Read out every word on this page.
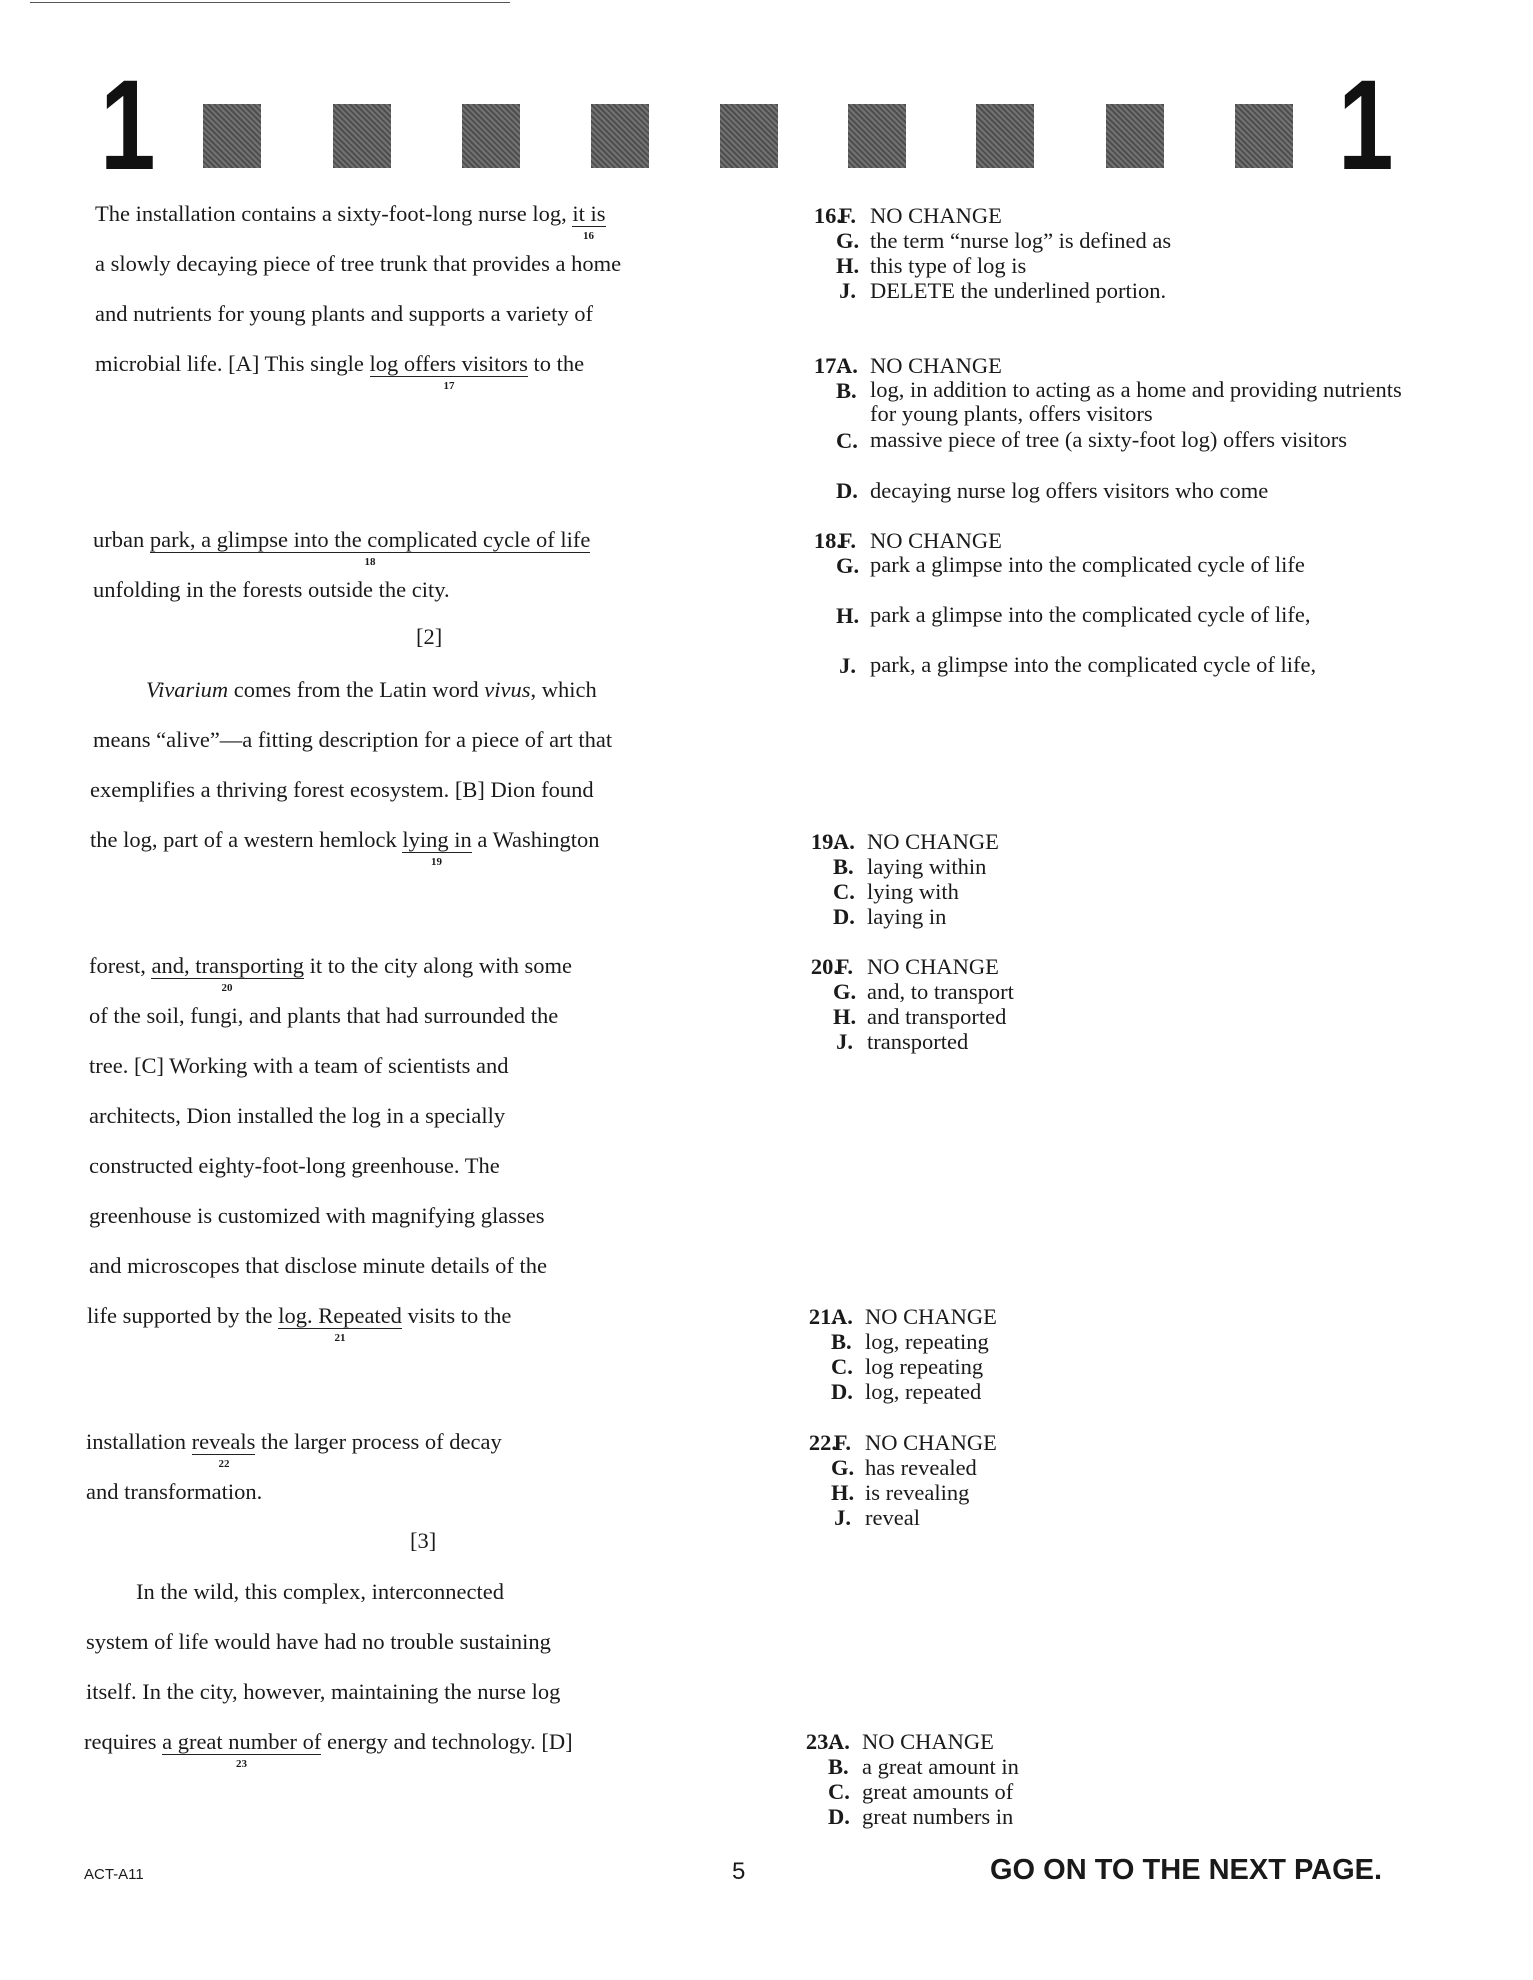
1	1
The installation contains a sixty-foot-long nurse log, it is
16
a slowly decaying piece of tree trunk that provides a home
and nutrients for young plants and supports a variety of
microbial life. [A] This single log offers visitors to the
17
urban park, a glimpse into the complicated cycle of life
18
unfolding in the forests outside the city.
Vivarium comes from the Latin word vivus, which
means “alive”—a fitting description for a piece of art that
exemplifies a thriving forest ecosystem. [B] Dion found
the log, part of a western hemlock lying in a Washington
19
forest, and, transporting it to the city along with some
20
of the soil, fungi, and plants that had surrounded the
tree. [C] Working with a team of scientists and
architects, Dion installed the log in a specially
constructed eighty-foot-long greenhouse. The
greenhouse is customized with magnifying glasses
and microscopes that disclose minute details of the
life supported by the log. Repeated visits to the
21
installation reveals the larger process of decay
22
and transformation.
In the wild, this complex, interconnected
system of life would have had no trouble sustaining
itself. In the city, however, maintaining the nurse log
requires a great number of energy and technology. [D]
23
[2]
[3]
16.
F. NO CHANGE
G. the term “nurse log” is defined as
H. this type of log is
J. DELETE the underlined portion.
17.
A. NO CHANGE
B. log, in addition to acting as a home and providing nutrients for young plants, offers visitors
C. massive piece of tree (a sixty-foot log) offers visitors
D. decaying nurse log offers visitors who come
18.
F. NO CHANGE
G. park a glimpse into the complicated cycle of life
H. park a glimpse into the complicated cycle of life,
J. park, a glimpse into the complicated cycle of life,
19.
A. NO CHANGE
B. laying within
C. lying with
D. laying in
20.
F. NO CHANGE
G. and, to transport
H. and transported
J. transported
21.
A. NO CHANGE
B. log, repeating
C. log repeating
D. log, repeated
22.
F. NO CHANGE
G. has revealed
H. is revealing
J. reveal
23.
A. NO CHANGE
B. a great amount in
C. great amounts of
D. great numbers in
ACT-A11	5	GO ON TO THE NEXT PAGE.
